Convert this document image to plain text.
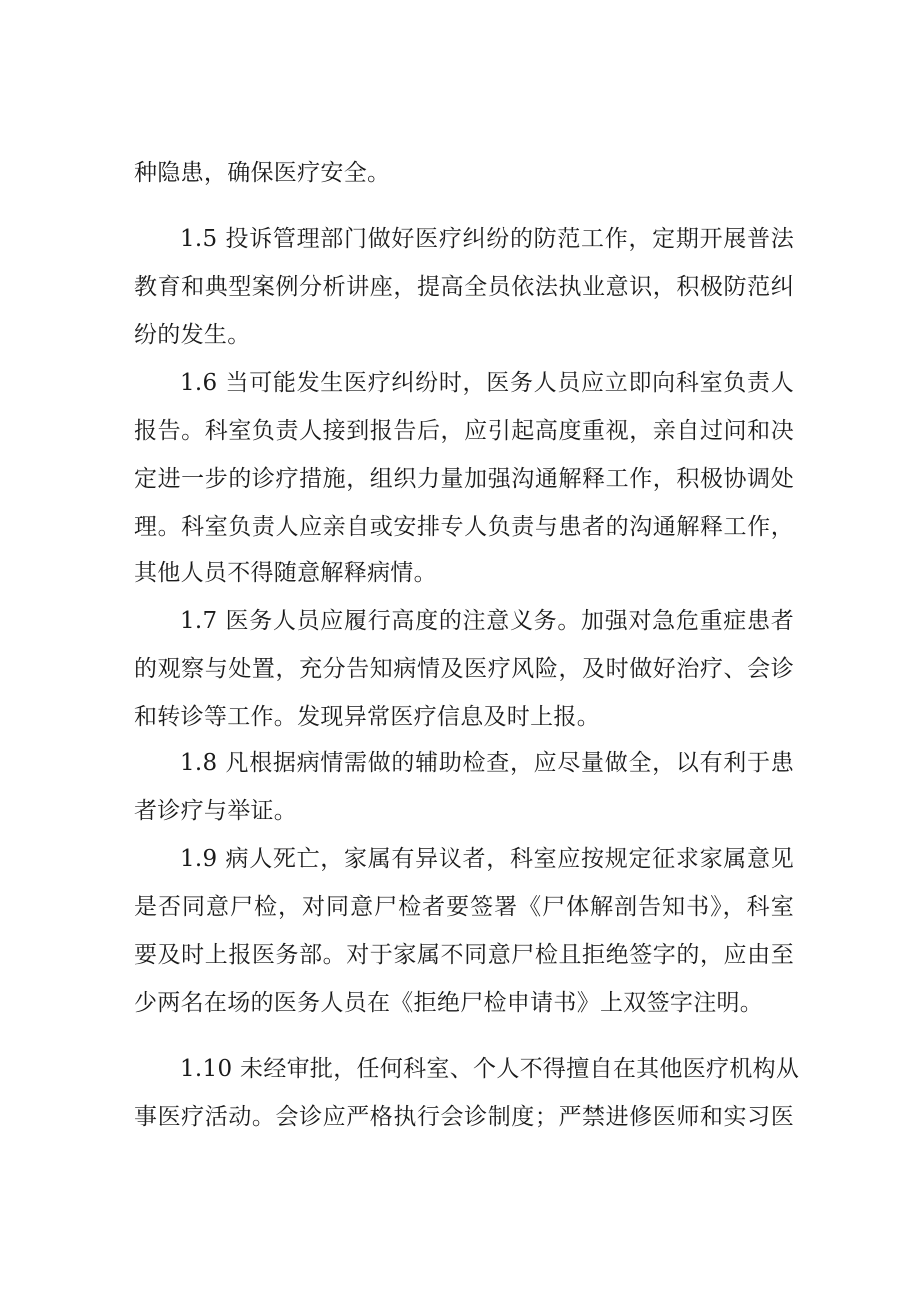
种隐患，确保医疗安全。
1.5 投诉管理部门做好医疗纠纷的防范工作，定期开展普法
教育和典型案例分析讲座，提高全员依法执业意识，积极防范纠
纷的发生。
1.6 当可能发生医疗纠纷时，医务人员应立即向科室负责人
报告。科室负责人接到报告后，应引起高度重视，亲自过问和决
定进一步的诊疗措施，组织力量加强沟通解释工作，积极协调处
理。科室负责人应亲自或安排专人负责与患者的沟通解释工作，
其他人员不得随意解释病情。
1.7 医务人员应履行高度的注意义务。加强对急危重症患者
的观察与处置，充分告知病情及医疗风险，及时做好治疗、会诊
和转诊等工作。发现异常医疗信息及时上报。
1.8 凡根据病情需做的辅助检查，应尽量做全，以有利于患
者诊疗与举证。
1.9 病人死亡，家属有异议者，科室应按规定征求家属意见
是否同意尸检，对同意尸检者要签署《尸体解剖告知书》，科室
要及时上报医务部。对于家属不同意尸检且拒绝签字的，应由至
少两名在场的医务人员在《拒绝尸检申请书》上双签字注明。
1.10 未经审批，任何科室、个人不得擅自在其他医疗机构从
事医疗活动。会诊应严格执行会诊制度；严禁进修医师和实习医
